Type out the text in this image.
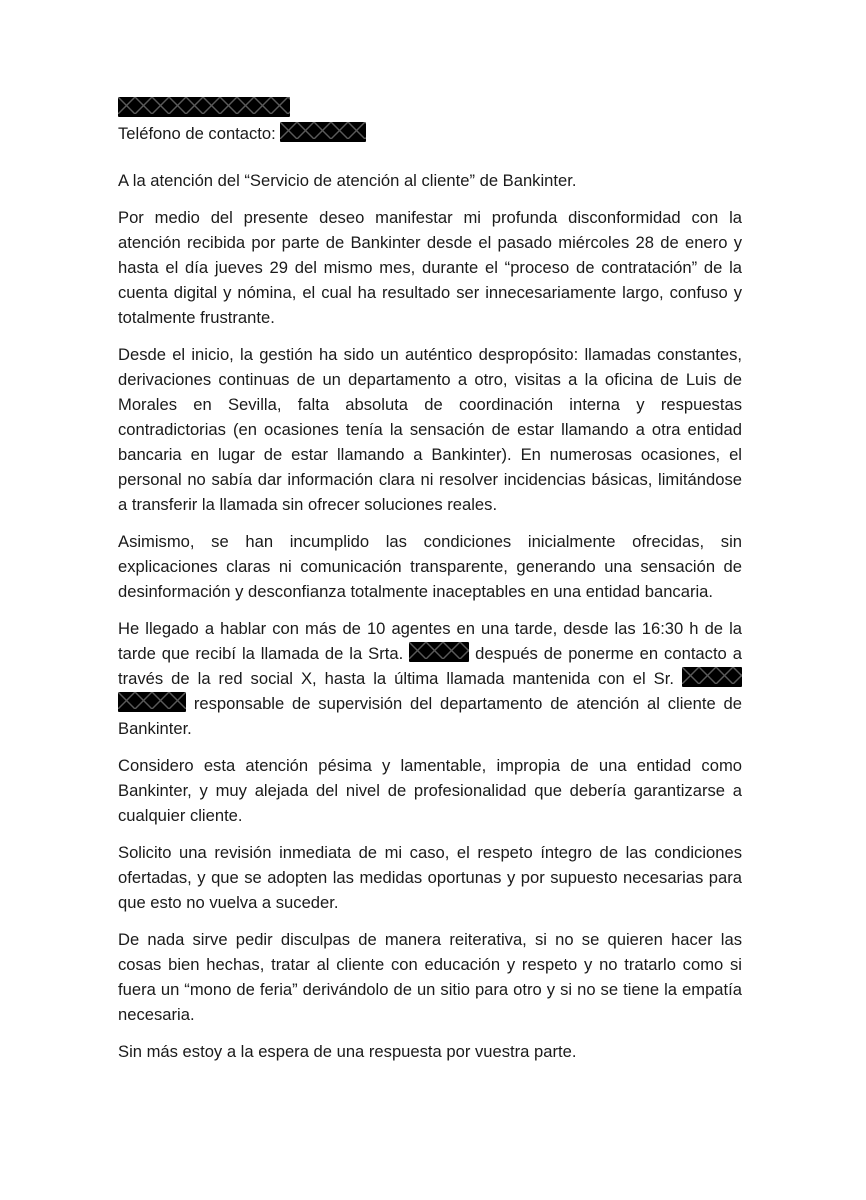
Teléfono de contacto:

A la atención del “Servicio de atención al cliente” de Bankinter.

Por medio del presente deseo manifestar mi profunda disconformidad con la atención recibida por parte de Bankinter desde el pasado miércoles 28 de enero y hasta el día jueves 29 del mismo mes, durante el “proceso de contratación” de la cuenta digital y nómina, el cual ha resultado ser innecesariamente largo, confuso y totalmente frustrante.

Desde el inicio, la gestión ha sido un auténtico despropósito: llamadas constantes, derivaciones continuas de un departamento a otro, visitas a la oficina de Luis de Morales en Sevilla, falta absoluta de coordinación interna y respuestas contradictorias (en ocasiones tenía la sensación de estar llamando a otra entidad bancaria en lugar de estar llamando a Bankinter). En numerosas ocasiones, el personal no sabía dar información clara ni resolver incidencias básicas, limitándose a transferir la llamada sin ofrecer soluciones reales.

Asimismo, se han incumplido las condiciones inicialmente ofrecidas, sin explicaciones claras ni comunicación transparente, generando una sensación de desinformación y desconfianza totalmente inaceptables en una entidad bancaria.

He llegado a hablar con más de 10 agentes en una tarde, desde las 16:30 h de la tarde que recibí la llamada de la Srta.	después de ponerme en contacto a través de la red social X, hasta la última llamada mantenida con el Sr.   responsable de supervisión del departamento de atención al cliente de Bankinter.

Considero esta atención pésima y lamentable, impropia de una entidad como Bankinter, y muy alejada del nivel de profesionalidad que debería garantizarse a cualquier cliente.

Solicito una revisión inmediata de mi caso, el respeto íntegro de las condiciones ofertadas, y que se adopten las medidas oportunas y por supuesto necesarias para que esto no vuelva a suceder.

De nada sirve pedir disculpas de manera reiterativa, si no se quieren hacer las cosas bien hechas, tratar al cliente con educación y respeto y no tratarlo como si fuera un “mono de feria” derivándolo de un sitio para otro y si no se tiene la empatía necesaria.

Sin más estoy a la espera de una respuesta por vuestra parte.
